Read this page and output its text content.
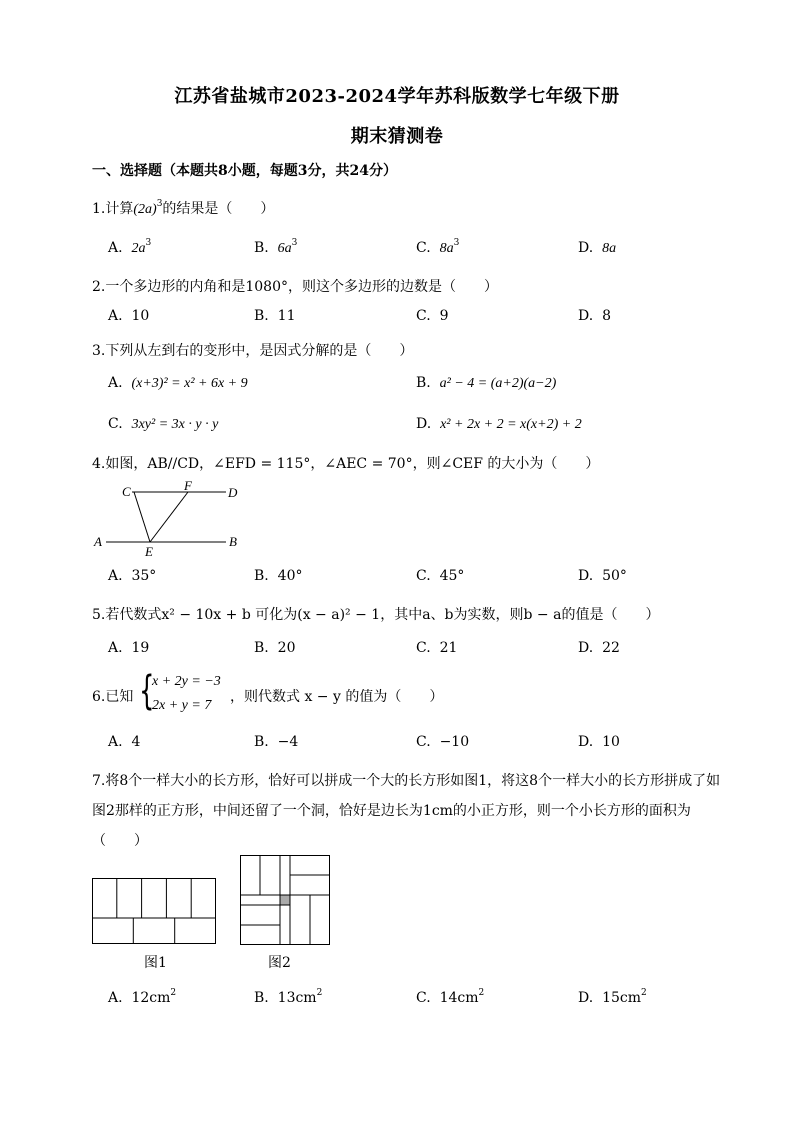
江苏省盐城市2023-2024学年苏科版数学七年级下册
期末猜测卷
一、选择题（本题共8小题，每题3分，共24分）
1.计算$(2a)^3$的结果是（　　）
A. $2a^3$	B. $6a^3$	C. $8a^3$	D. 8a
2.一个多边形的内角和是1080°，则这个多边形的边数是（　　）
A. 10	B. 11	C. 9	D. 8
3.下列从左到右的变形中，是因式分解的是（　　）
A. (x+3)² = x² + 6x + 9	B. a² − 4 = (a+2)(a−2)
C. 3xy² = 3x · y · y	D. x² + 2x + 2 = x(x+2) + 2
4.如图，AB//CD，∠EFD = 115°，∠AEC = 70°，则∠CEF 的大小为（　　）
C	F	D
A
E
B
A. 35°	B. 40°	C. 45°	D. 50°
5.若代数式x² − 10x + b 可化为(x − a)² − 1，其中a、b为实数，则b − a的值是（　　）
A. 19	B. 20	C. 21	D. 22
6.已知 {
x + 2y = −3
2x + y = 7
，则代数式 x − y 的值为（　　）
A. 4	B. −4	C. −10	D. 10
7.将8个一样大小的长方形，恰好可以拼成一个大的长方形如图1，将这8个一样大小的长方形拼成了如图2那样的正方形，中间还留了一个洞，恰好是边长为1cm的小正方形，则一个小长方形的面积为（　　）
图1	图2
A. $12cm^2$	B. $13cm^2$	C. $14cm^2$	D. $15cm^2$
